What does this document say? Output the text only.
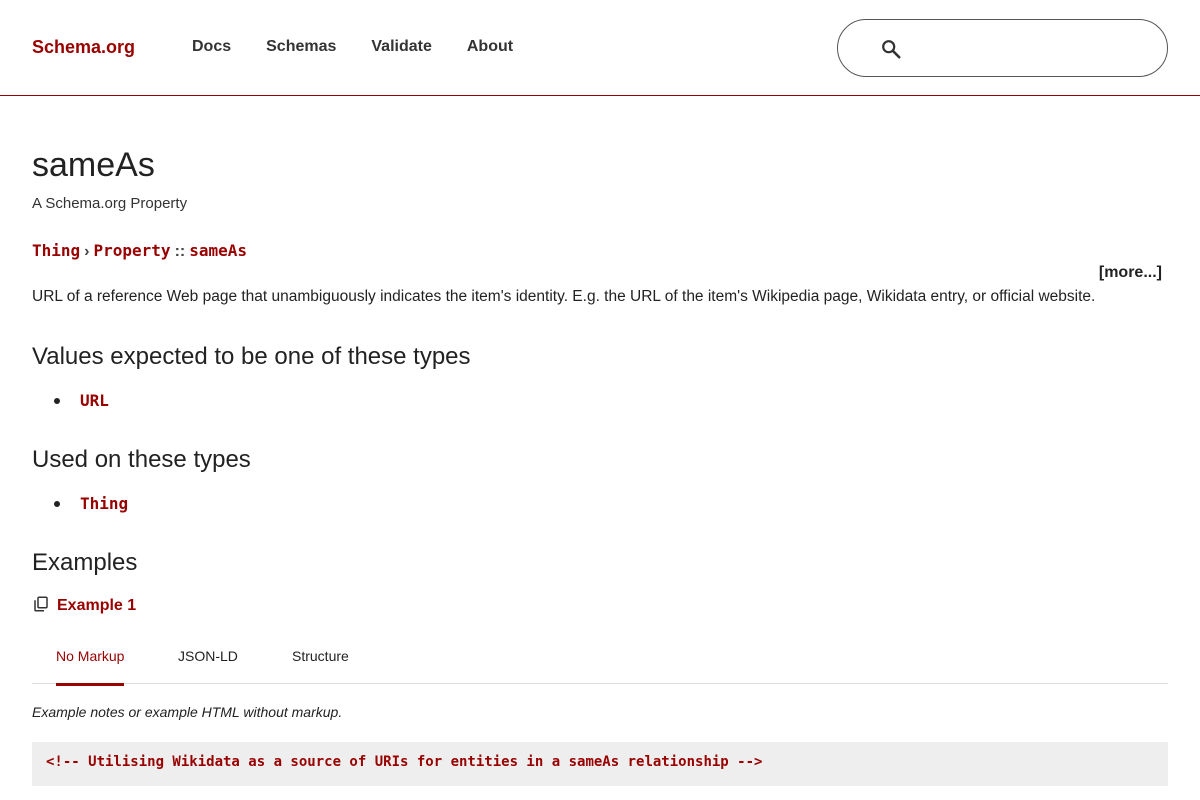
Schema.org	Docs Schemas Validate About
sameAs
A Schema.org Property
Thing › Property :: sameAs
[more...]
URL of a reference Web page that unambiguously indicates the item's identity. E.g. the URL of the item's Wikipedia page, Wikidata entry, or official website.
Values expected to be one of these types
URL
Used on these types
Thing
Examples
Example 1
No Markup	JSON-LD	Structure
Example notes or example HTML without markup.
<!-- Utilising Wikidata as a source of URIs for entities in a sameAs relationship -->
